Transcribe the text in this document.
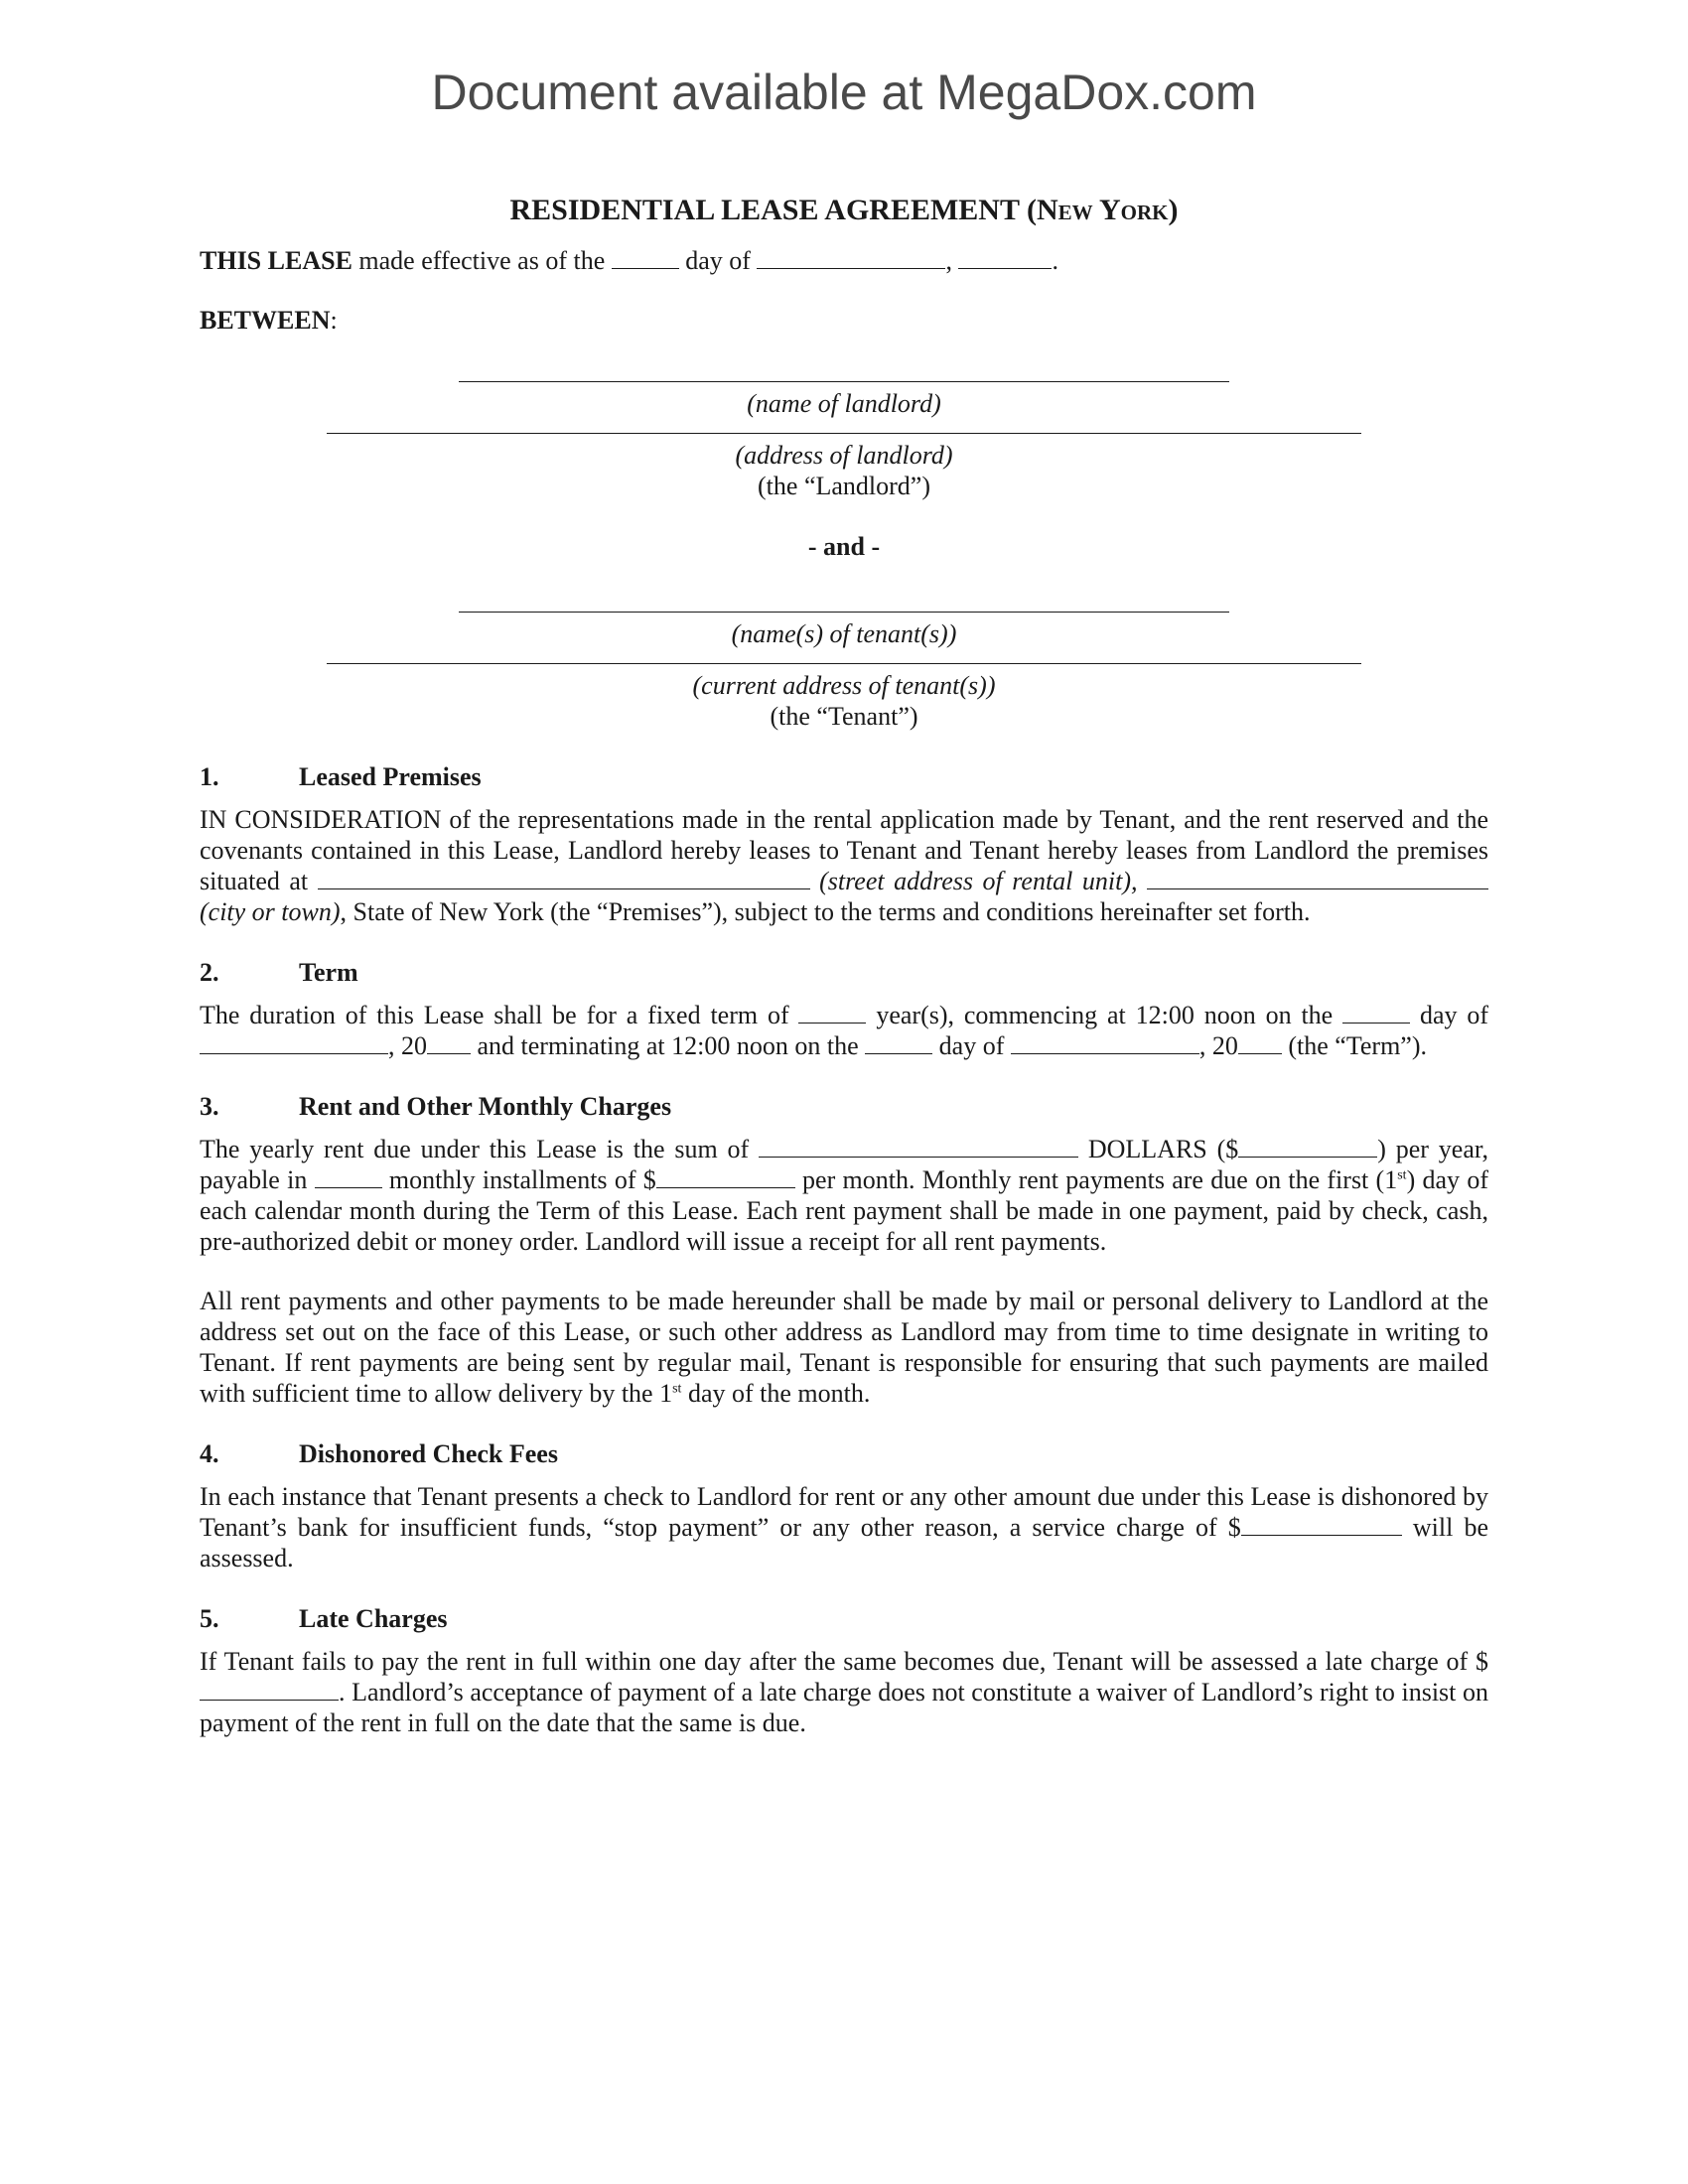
Document available at MegaDox.com
RESIDENTIAL LEASE AGREEMENT (New York)

THIS LEASE made effective as of the	day of	,	.

BETWEEN:

(name of landlord)
(address of landlord)
(the “Landlord”)
- and -
(name(s) of tenant(s))
(current address of tenant(s))
(the “Tenant”)
1.	Leased Premises

IN CONSIDERATION of the representations made in the rental application made by Tenant, and the rent reserved and the covenants contained in this Lease, Landlord hereby leases to Tenant and Tenant hereby leases from Landlord the premises situated at	(street address of rental unit),  (city or town), State of New York (the “Premises”), subject to the terms and conditions hereinafter set forth.

2.	Term

The duration of this Lease shall be for a fixed term of	year(s), commencing at 12:00 noon on the	day of , 20 and terminating at 12:00 noon on the	day of	, 20 (the “Term”).

3.	Rent and Other Monthly Charges

The yearly rent due under this Lease is the sum of	DOLLARS ($	) per year, payable in	monthly installments of $	per month. Monthly rent payments are due on the first (1st) day of each calendar month during the Term of this Lease. Each rent payment shall be made in one payment, paid by check, cash, pre-authorized debit or money order. Landlord will issue a receipt for all rent payments.

All rent payments and other payments to be made hereunder shall be made by mail or personal delivery to Landlord at the address set out on the face of this Lease, or such other address as Landlord may from time to time designate in writing to Tenant. If rent payments are being sent by regular mail, Tenant is responsible for ensuring that such payments are mailed with sufficient time to allow delivery by the 1st day of the month.

4.	Dishonored Check Fees

In each instance that Tenant presents a check to Landlord for rent or any other amount due under this Lease is dishonored by Tenant’s bank for insufficient funds, “stop payment” or any other reason, a service charge of $	will be assessed.

5.	Late Charges

If Tenant fails to pay the rent in full within one day after the same becomes due, Tenant will be assessed a late charge of $. Landlord’s acceptance of payment of a late charge does not constitute a waiver of Landlord’s right to insist on payment of the rent in full on the date that the same is due.
